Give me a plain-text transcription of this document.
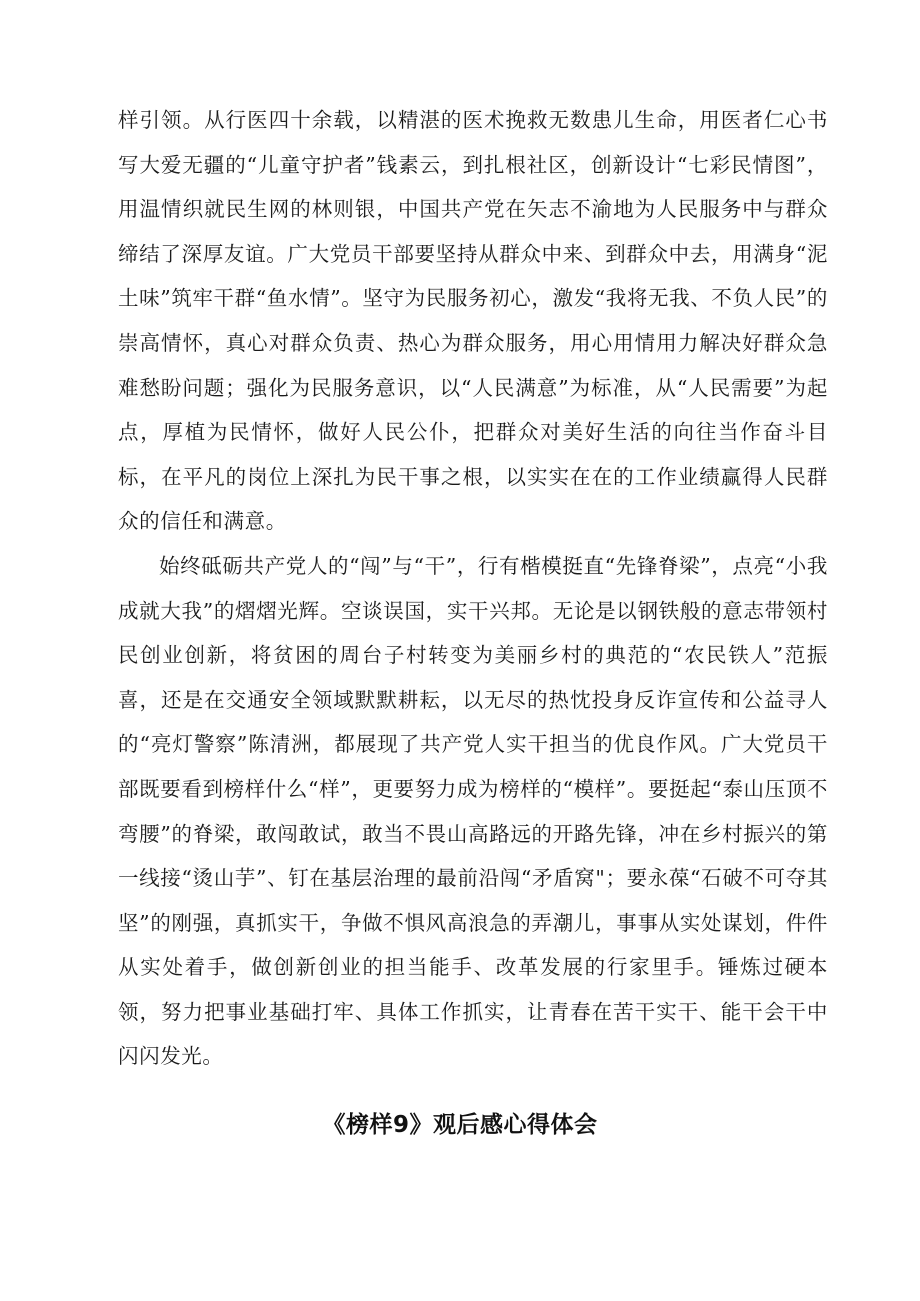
样引领。从行医四十余载，以精湛的医术挽救无数患儿生命，用医者仁心书写大爱无疆的“儿童守护者”钱素云，到扎根社区，创新设计“七彩民情图”，用温情织就民生网的林则银，中国共产党在矢志不渝地为人民服务中与群众缔结了深厚友谊。广大党员干部要坚持从群众中来、到群众中去，用满身“泥土味”筑牢干群“鱼水情”。坚守为民服务初心，激发“我将无我、不负人民”的崇高情怀，真心对群众负责、热心为群众服务，用心用情用力解决好群众急难愁盼问题；强化为民服务意识，以“人民满意”为标准，从“人民需要”为起点，厚植为民情怀，做好人民公仆，把群众对美好生活的向往当作奋斗目标，在平凡的岗位上深扎为民干事之根，以实实在在的工作业绩赢得人民群众的信任和满意。

始终砥砺共产党人的“闯”与“干”，行有楷模挺直“先锋脊梁”，点亮“小我成就大我”的熠熠光辉。空谈误国，实干兴邦。无论是以钢铁般的意志带领村民创业创新，将贫困的周台子村转变为美丽乡村的典范的“农民铁人”范振喜，还是在交通安全领域默默耕耘，以无尽的热忱投身反诈宣传和公益寻人的“亮灯警察”陈清洲，都展现了共产党人实干担当的优良作风。广大党员干部既要看到榜样什么“样”，更要努力成为榜样的“模样”。要挺起“泰山压顶不弯腰”的脊梁，敢闯敢试，敢当不畏山高路远的开路先锋，冲在乡村振兴的第一线接“烫山芋”、钉在基层治理的最前沿闯“矛盾窝"；要永葆“石破不可夺其坚”的刚强，真抓实干，争做不惧风高浪急的弄潮儿，事事从实处谋划，件件从实处着手，做创新创业的担当能手、改革发展的行家里手。锤炼过硬本领，努力把事业基础打牢、具体工作抓实，让青春在苦干实干、能干会干中闪闪发光。

《榜样9》观后感心得体会
